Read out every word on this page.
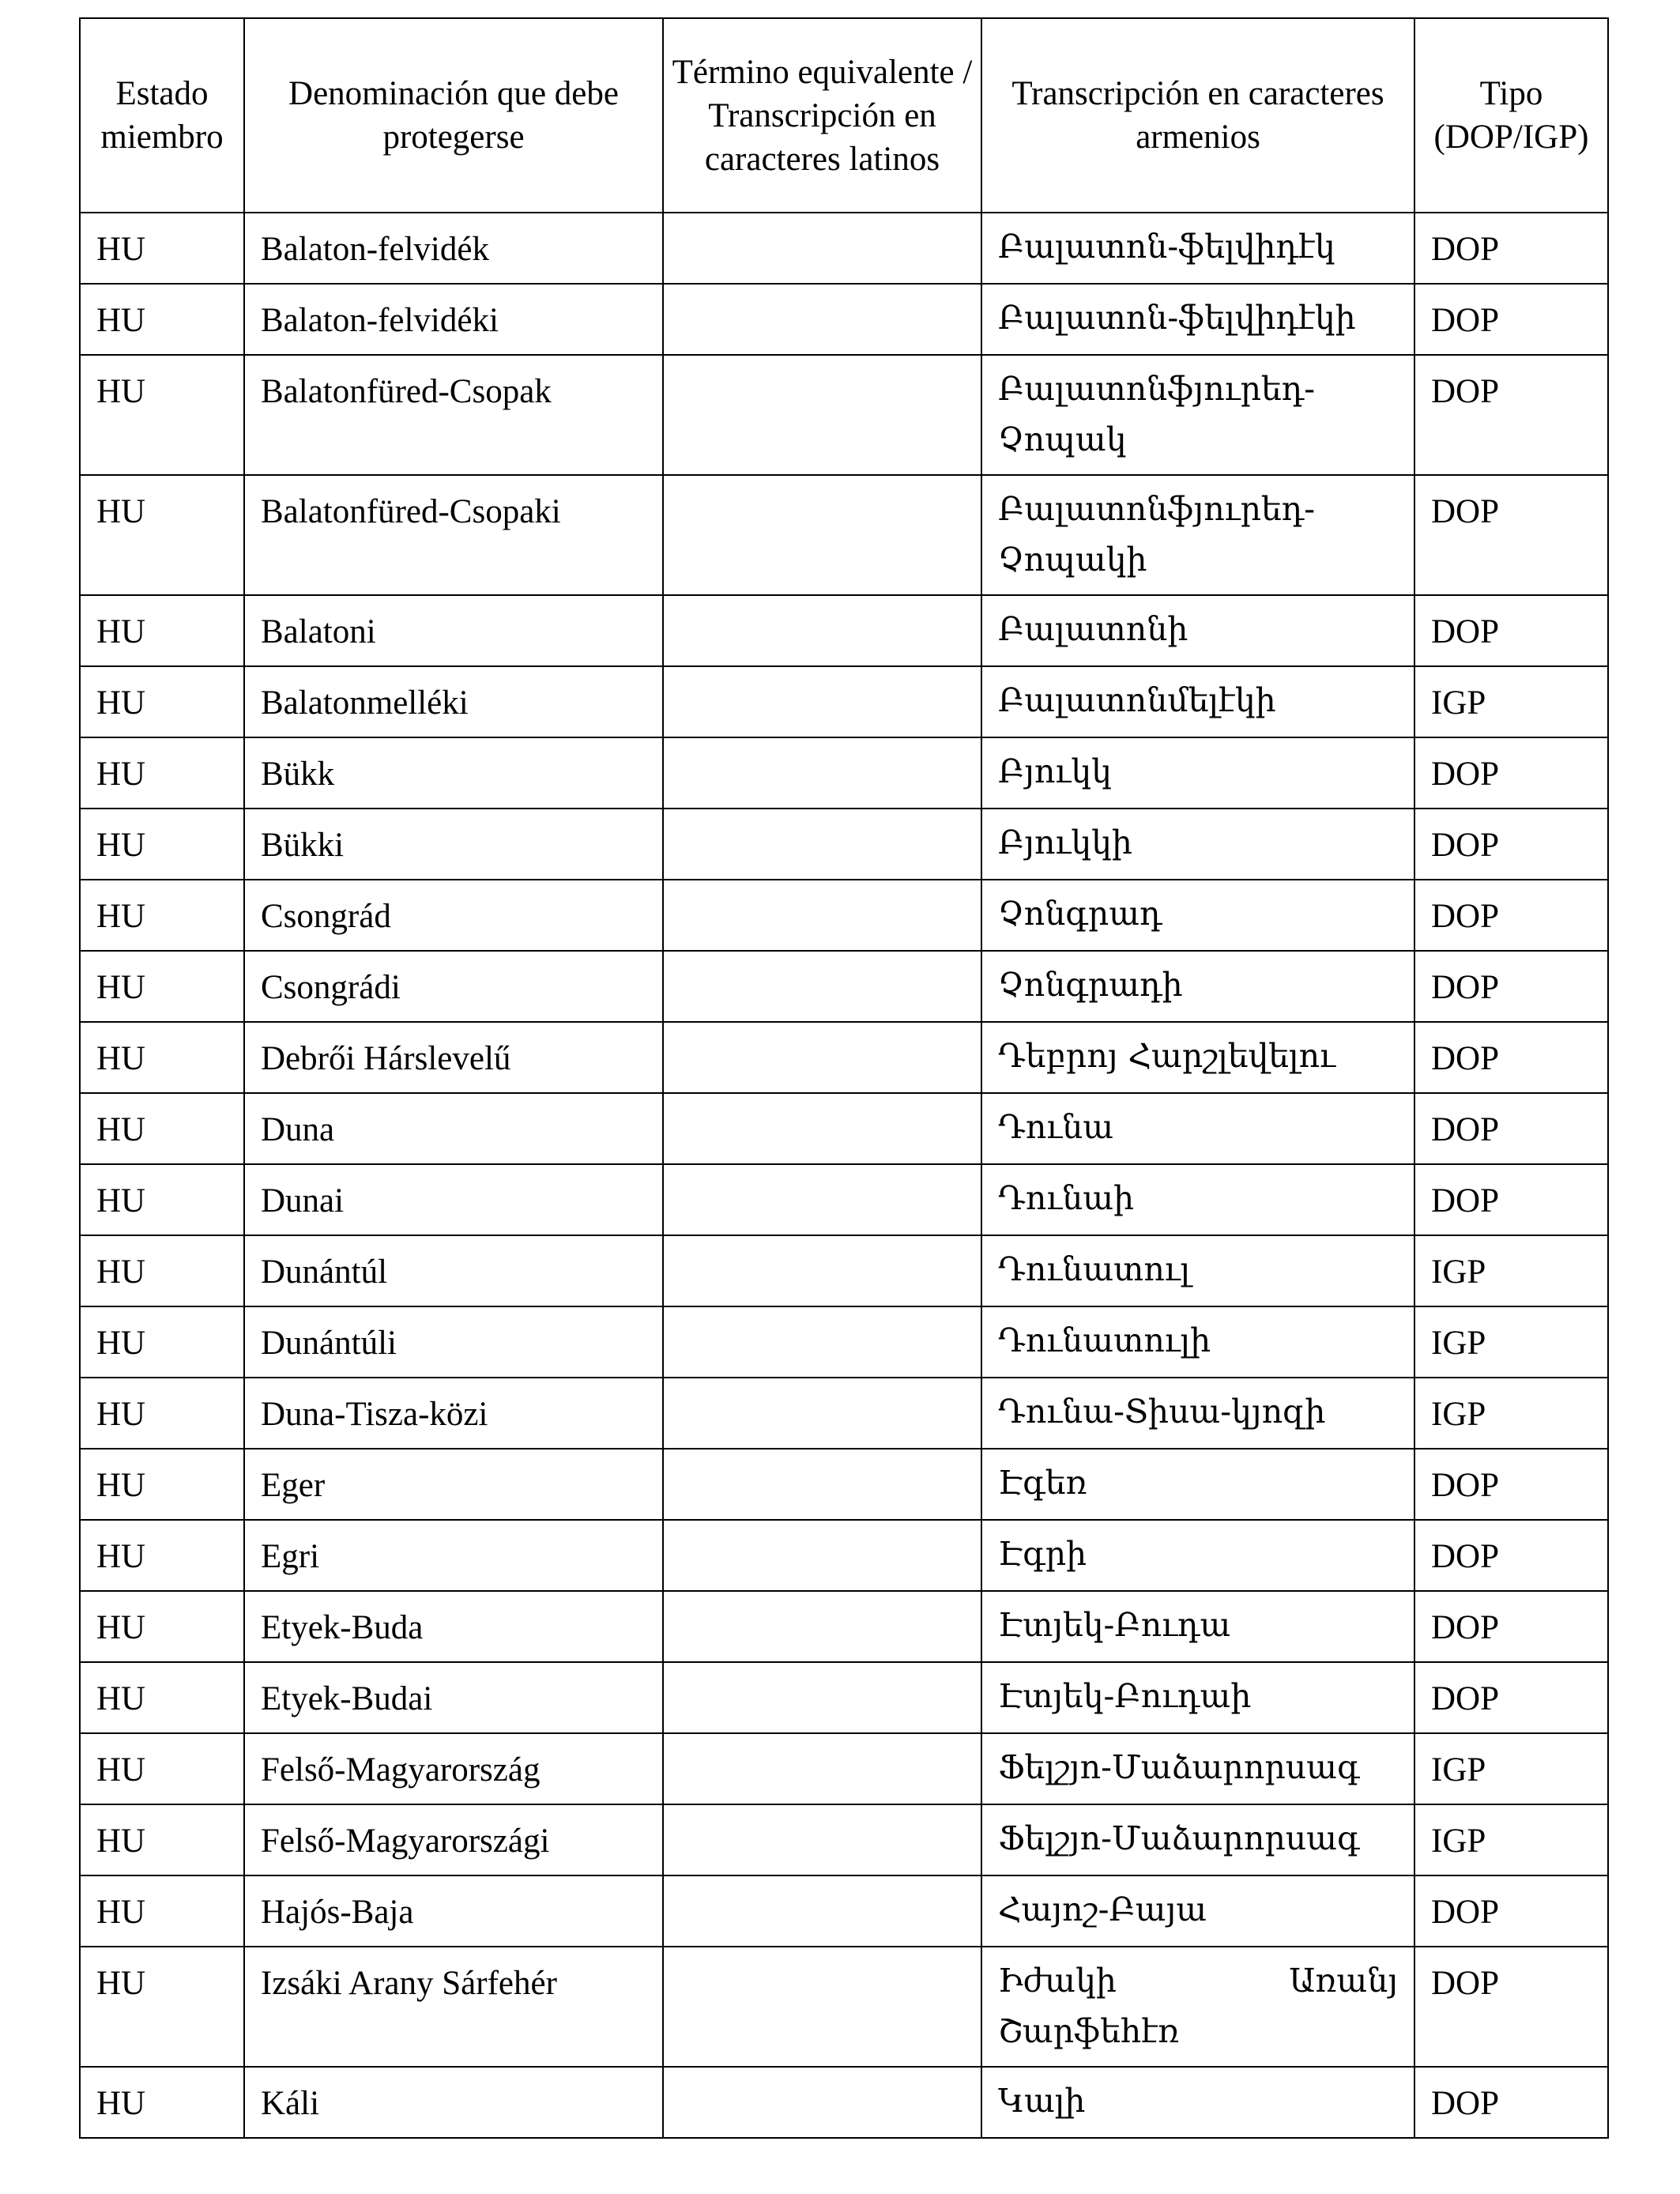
Estado miembro	Denominación que debe protegerse	Término equivalente / Transcripción en caracteres latinos	Transcripción en caracteres armenios	Tipo (DOP/IGP)
HU	Balaton-felvidék		Բալատոն-ֆելվիդէկ	DOP
HU	Balaton-felvidéki		Բալատոն-ֆելվիդէկի	DOP
HU	Balatonfüred-Csopak		Բալատոնֆյուրեդ-Չոպակ	DOP
HU	Balatonfüred-Csopaki		Բալատոնֆյուրեդ-Չոպակի	DOP
HU	Balatoni		Բալատոնի	DOP
HU	Balatonmelléki		Բալատոնմելէկի	IGP
HU	Bükk		Բյուկկ	DOP
HU	Bükki		Բյուկկի	DOP
HU	Csongrád		Չոնգրադ	DOP
HU	Csongrádi		Չոնգրադի	DOP
HU	Debrői Hárslevelű		Դեբրոյ Հարշլեվելու	DOP
HU	Duna		Դունա	DOP
HU	Dunai		Դունաի	DOP
HU	Dunántúl		Դունատուլ	IGP
HU	Dunántúli		Դունատուլի	IGP
HU	Duna-Tisza-közi		Դունա-Տիսա-կյոզի	IGP
HU	Eger		Էգեռ	DOP
HU	Egri		Էգրի	DOP
HU	Etyek-Buda		Էտյեկ-Բուդա	DOP
HU	Etyek-Budai		Էտյեկ-Բուդաի	DOP
HU	Felső-Magyarország		Ֆելշյո-Մաձարորսագ	IGP
HU	Felső-Magyarországi		Ֆելշյո-Մաձարորսագ	IGP
HU	Hajós-Baja		Հայոշ-Բայա	DOP
HU	Izsáki Arany Sárfehér		Իժակի Առանյ Շարֆեհէռ	DOP
HU	Káli		Կալի	DOP
